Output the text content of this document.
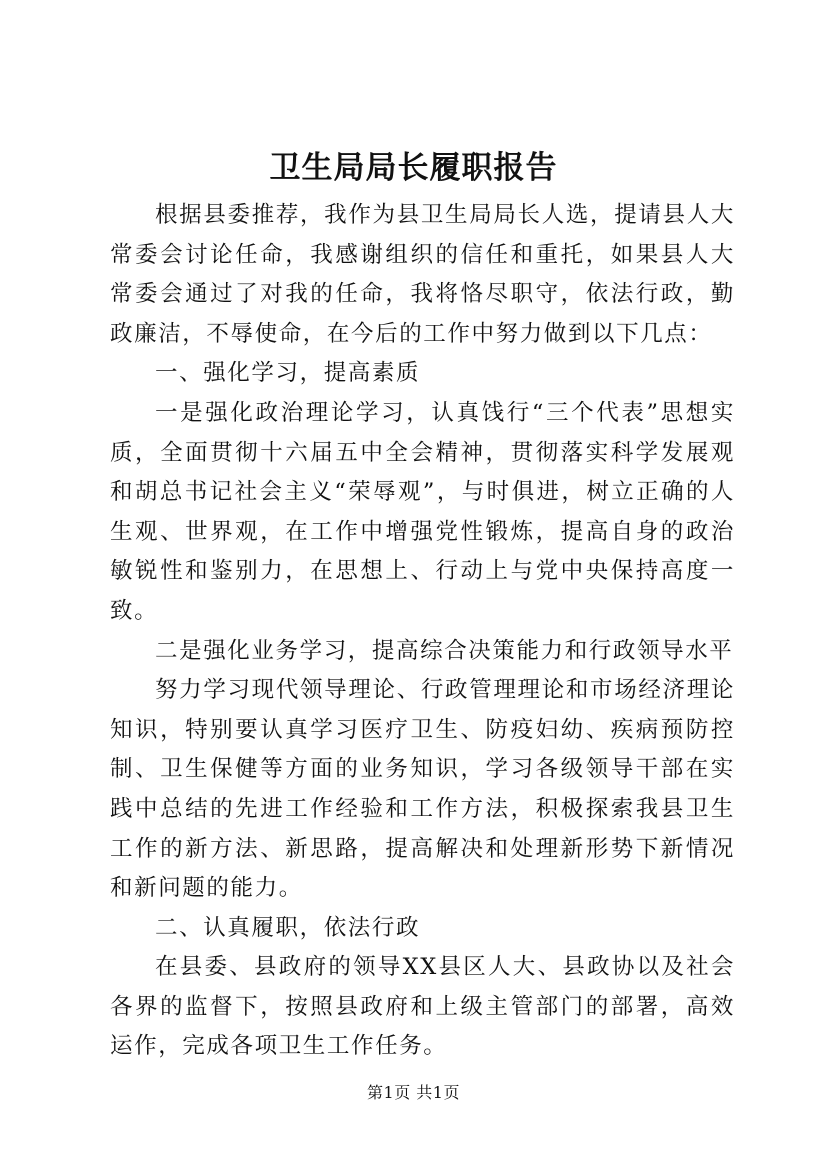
卫生局局长履职报告

根据县委推荐，我作为县卫生局局长人选，提请县人大常委会讨论任命，我感谢组织的信任和重托，如果县人大常委会通过了对我的任命，我将恪尽职守，依法行政，勤政廉洁，不辱使命，在今后的工作中努力做到以下几点：

一、强化学习，提高素质

一是强化政治理论学习，认真饯行“三个代表”思想实质，全面贯彻十六届五中全会精神，贯彻落实科学发展观和胡总书记社会主义“荣辱观”，与时俱进，树立正确的人生观、世界观，在工作中增强党性锻炼，提高自身的政治敏锐性和鉴别力，在思想上、行动上与党中央保持高度一致。

二是强化业务学习，提高综合决策能力和行政领导水平

努力学习现代领导理论、行政管理理论和市场经济理论知识，特别要认真学习医疗卫生、防疫妇幼、疾病预防控制、卫生保健等方面的业务知识，学习各级领导干部在实践中总结的先进工作经验和工作方法，积极探索我县卫生工作的新方法、新思路，提高解决和处理新形势下新情况和新问题的能力。

二、认真履职，依法行政

在县委、县政府的领导XX县区人大、县政协以及社会各界的监督下，按照县政府和上级主管部门的部署，高效运作，完成各项卫生工作任务。

第1页 共1页
